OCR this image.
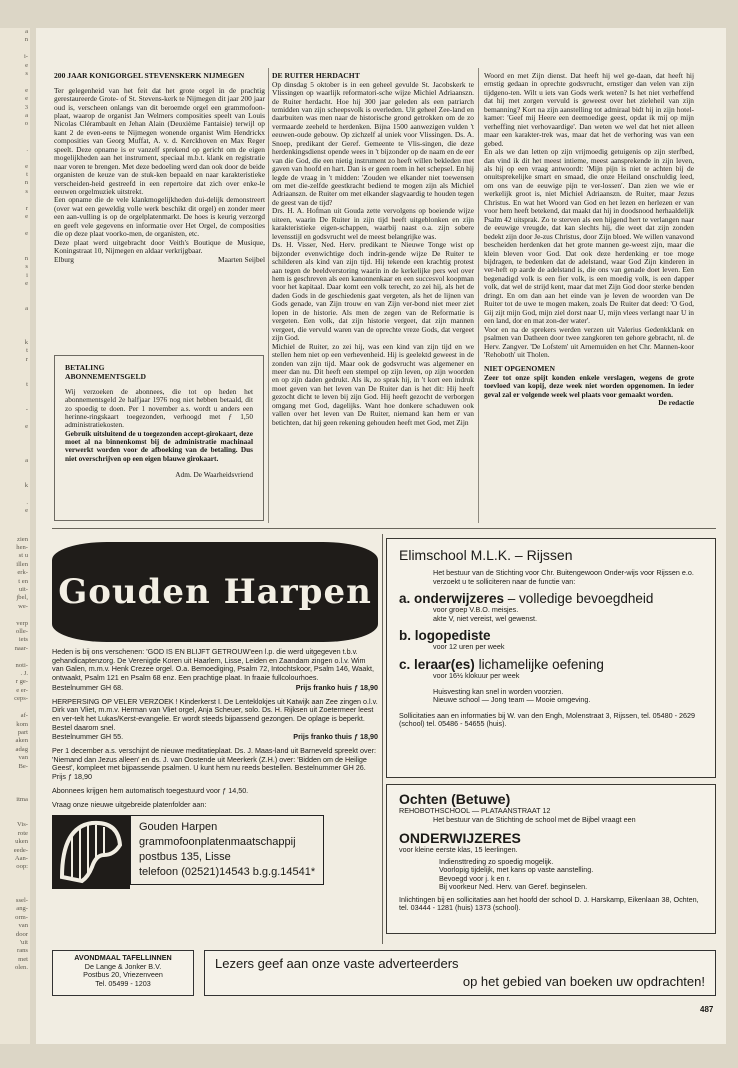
a
n

i-
e
s

e
e
3
a
o

.

e
t
n
s

r
e

e

n
s
i
e

a

k
t
r

t

-

e

a

k

.
e
zien
hen-
st u
illen
erk-
t en
uit-
jbel,
we-

verp
olle-
iets
naar-

noti-
. J.
r ge-
e er-
ceps-

af-
kom
part
aken
adag
van
Be-

itma

Vis-
rote
uken
eede-
Aan-
oop:

ssel-
ang-
orm-
van
door
'uit
rans
met
olen.

200 JAAR KONIGORGEL STEVENSKERK NIJMEGEN

Ter gelegenheid van het feit dat het grote orgel in de prachtig gerestaureerde Grote- of St. Stevens-kerk te Nijmegen dit jaar 200 jaar oud is, verscheen onlangs van dit beroemde orgel een grammofoon-plaat, waarop de organist Jan Welmers composities speelt van Louis Nicolas Clérambault en Jehan Alain (Deuxième Fantaisie) terwijl op kant 2 de even-eens te Nijmegen wonende organist Wim Hendrickx composities van Georg Muffat, A. v. d. Kerckhoven en Max Reger speelt. Deze opname is er vanzelf sprekend op gericht om de eigen mogelijkheden aan het instrument, speciaal m.b.t. klank en registratie naar voren te brengen. Met deze bedoeling werd dan ook door de beide organisten de keuze van de stuk-ken bepaald en naar karakteristieke verscheiden-heid gestreefd in een repertoire dat zich over enke-le eeuwen orgelmuziek uitstrekt.

Een opname die de vele klankmogelijkheden dui-delijk demonstreert (over wat een geweldig volle werk beschikt dit orgel) en zonder meer een aan-vulling is op de orgelplatenmarkt. De hoes is keurig verzorgd en geeft vele gegevens en informatie over Het Orgel, de composities die op deze plaat voorko-men, de organisten, etc.

Deze plaat werd uitgebracht door Veith's Boutique de Musique, Koningstraat 10, Nijmegen en aldaar verkrijgbaar.

Elburg	Maarten Seijbel

BETALING

ABONNEMENTSGELD

Wij verzoeken de abonnees, die tot op heden het abonnementsgeld 2e halfjaar 1976 nog niet hebben betaald, dit zo spoedig te doen. Per 1 november a.s. wordt u anders een herinne-ringskaart toegezonden, verhoogd met ƒ 1,50 administratiekosten.

Gebruik uitsluitend de u toegezonden accept-girokaart, deze moet al na binnenkomst bij de administratie machinaal verwerkt worden voor de afboeking van de betaling. Dus niet overschrijven op een eigen blauwe girokaart.

Adm. De Waarheidsvriend

DE RUITER HERDACHT

Op dinsdag 5 oktober is in een geheel gevulde St. Jacobskerk te Vlissingen op waarlijk reformatori-sche wijze Michiel Adriaanszn. de Ruiter herdacht. Hoe hij 300 jaar geleden als een patriarch temidden van zijn scheepsvolk is overleden. Uit geheel Zee-land en daarbuiten was men naar de historische grond getrokken om de zo vermaarde zeeheld te herdenken. Bijna 1500 aanwezigen vulden 't eeuwen-oude gebouw. Op zichzelf al uniek voor Vlissingen. Ds. A. Snoep, predikant der Geref. Gemeente te Vlis-singen, die deze herdenkingsdienst opende wees in 't bijzonder op de naam en de eer van die God, die een nietig instrument zo heeft willen bekleden met gaven van hoofd en hart. Dan is er geen roem in het schepsel. En hij legde de vraag in 't midden: 'Zouden we elkander niet toewensen om met die-zelfde geestkracht bediend te mogen zijn als Michiel Adriaanszn. de Ruiter om met elkander slagvaardig te houden tegen de geest van de tijd?

Drs. H. A. Hofman uit Gouda zette vervolgens op boeiende wijze uiteen, waarin De Ruiter in zijn tijd heeft uitgeblonken en zijn karakteristieke eigen-schappen, waarbij naast o.a. zijn sobere levensstijl en godsvrucht wel de meest belangrijke was.

Ds. H. Visser, Ned. Herv. predikant te Nieuwe Tonge wist op bijzonder evenwichtige doch indrin-gende wijze De Ruiter te schilderen als kind van zijn tijd. Hij tekende een krachtig protest aan tegen de beeldverstoring waarin in de kerkelijke pers wel over hem is geschreven als een kanonnenkaar en een succesvol koopman voor het kapitaal. Daar komt een volk terecht, zo zei hij, als het de daden Gods in de geschiedenis gaat vergeten, als het de lijnen van Gods genade, van Zijn trouw en van Zijn ver-bond niet meer ziet lopen in de historie. Als men de zegen van de Reformatie is vergeten. Een volk, dat zijn historie vergeet, dat zijn mannen vergeet, die vervuld waren van de oprechte vreze Gods, dat vergeet zijn God.

Michiel de Ruiter, zo zei hij, was een kind van zijn tijd en we stellen hem niet op een verhevenheid. Hij is geelektd geweest in de zonden van zijn tijd. Maar ook de godsvrucht was algemener en meer dan nu. Dit heeft een stempel op zijn leven, op zijn woorden en op zijn daden gedrukt. Als ik, zo sprak hij, in 't kort een indruk moet geven van het leven van De Ruiter dan is het dit: Hij heeft gezocht dicht te leven bij zijn God. Hij heeft gezocht de verborgen omgang met God, dagelijks. Want hoe donkere schaduwen ook vallen over het leven van De Ruiter, niemand kan hem er van betichten, dat hij geen rekening gehouden heeft met God, met Zijn

Woord en met Zijn dienst. Dat heeft hij wel ge-daan, dat heeft hij ernstig gedaan in oprechte godsvrucht, ernstiger dan velen van zijn tijdgeno-ten. Wilt u iets van Gods werk weten? Is het niet verheffend dat hij met zorgen vervuld is geweest over het zieleheil van zijn bemanning? Kort na zijn aanstelling tot admiraal bidt hij in zijn hotel-kamer: 'Geef mij Heere een deemoedige geest, opdat ik mij op mijn verheffing niet verhovaardige'. Dan weten we wel dat het niet alleen maar een karakter-trek was, maar dat het de verhoring was van een gebed.

En als we dan letten op zijn vrijmoedig getuigenis op zijn sterfbed, dan vind ik dit het meest intieme, meest aansprekende in zijn leven, als hij op een vraag antwoordt: 'Mijn pijn is niet te achten bij de onuitsprekelijke smart en smaad, die onze Heiland onschuldig leed, om ons van de eeuwige pijn te ver-lossen'. Dan zien we wie er werkelijk groot is, niet Michiel Adriaanszn. de Ruiter, maar Jezus Christus. En wat het Woord van God en het lezen en herlezen er van voor hem heeft betekend, dat maakt dat hij in doodsnood herhaaldelijk Psalm 42 uitsprak. Zo te sterven als een hijgend hert te verlangen naar de eeuwige vreugde, dat kan slechts hij, die weet dat zijn zonden bedekt zijn door Je-zus Christus, door Zijn bloed. We willen vanavond bescheiden herdenken dat het grote mannen ge-weest zijn, maar die klein bleven voor God. Dat ook deze herdenking er toe moge bijdragen, te bedenken dat de adelstand, waar God Zijn kinderen in ver-heft op aarde de adelstand is, die ons van genade doet leven. Een begenadigd volk is een fier volk, is een moedig volk, is een dapper volk, dat wel de strijd kent, maar dat met Zijn God door sterke benden dringt. En om dan aan het einde van je leven de woorden van De Ruiter tot de uwe te mogen maken, zoals De Ruiter dat deed: 'O God, Gij zijt mijn God, mijn ziel dorst naar U, mijn vlees verlangt naar U in een land, dor en mat zon-der water'.

Voor en na de sprekers werden verzen uit Valerius Gedenkklank en psalmen van Datheen door twee zangkoren ten gehore gebracht, nl. de Herv. Zangver. 'De Lofstem' uit Arnemuiden en het Chr. Mannen-koor 'Rehoboth' uit Tholen.

NIET OPGENOMEN

Zeer tot onze spijt konden enkele verslagen, wegens de grote toevloed van kopij, deze week niet worden opgenomen. In ieder geval zal er volgende week wel plaats voor gemaakt worden.

De redactie

Gouden Harpen

Heden is bij ons verschenen: 'GOD IS EN BLIJFT GETROUW'een l.p. die werd uitgegeven t.b.v. gehandicaptenzorg. De Verenigde Koren uit Haarlem, Lisse, Leiden en Zaandam zingen o.l.v. Wim van Galen, m.m.v. Henk Crezee orgel. O.a. Bemoediging, Psalm 72, Intochtskoor, Psalm 146, Waakt, ontwaakt, Psalm 121 en Psalm 68 enz. Een prachtige plaat. In fraaie fullcolourhoes.

Bestelnummer GH 68.	Prijs franko huis ƒ 18,90

HERPERSING OP VELER VERZOEK ! Kinderkerst I. De Lenteklokjes uit Katwijk aan Zee zingen o.l.v. Dirk van Vliet, m.m.v. Herman van Vliet orgel, Anja Scheuer, solo. Ds. H. Rijksen uit Zoetermeer leest en ver-telt het Lukas/Kerst-evangelie. Er wordt steeds bijpassend gezongen. De oplage is beperkt. Bestel daarom snel.

Bestelnummer GH 55.	Prijs franko thuis ƒ 18,90

Per 1 december a.s. verschijnt de nieuwe meditatieplaat. Ds. J. Maas-land uit Barneveld spreekt over: 'Niemand dan Jezus alleen' en ds. J. van Oostende uit Meerkerk (Z.H.) over: 'Bidden om de Heilige Geest', kompleet met bijpassende psalmen. U kunt hem nu reeds bestellen. Bestelnummer GH 26. Prijs ƒ 18,90

Abonnees krijgen hem automatisch toegestuurd voor ƒ 14,50.

Vraag onze nieuwe uitgebreide platenfolder aan:

Gouden Harpen
grammofoonplatenmaatschappij
postbus 135, Lisse
telefoon (02521)14543 b.g.g.14541*
Elimschool M.L.K. – Rijssen
Het bestuur van de Stichting voor Chr. Buitengewoon Onder-wijs voor Rijssen e.o. verzoekt u te solliciteren naar de functie van:
a. onderwijzeres – volledige bevoegdheid
voor groep V.B.O. meisjes.
akte V, niet vereist, wel gewenst.
b. logopediste
voor 12 uren per week
c. leraar(es) lichamelijke oefening
voor 16½ klokuur per week
Huisvesting kan snel in worden voorzien.
Nieuwe school — Jong team — Mooie omgeving.
Sollicitaties aan en informaties bij W. van den Engh, Molenstraat 3, Rijssen, tel. 05480 - 2629 (school) tel. 05486 - 54655 (huis).
Ochten (Betuwe)
REHOBOTHSCHOOL — PLATAANSTRAAT 12
Het bestuur van de Stichting de school met de Bijbel vraagt een
ONDERWIJZERES
voor kleine eerste klas, 15 leerlingen.
Indiensttreding zo spoedig mogelijk.
Voorlopig tijdelijk, met kans op vaste aanstelling.
Bevoegd voor j. k en r.
Bij voorkeur Ned. Herv. van Geref. beginselen.
Inlichtingen bij en sollicitaties aan het hoofd der school D. J. Harskamp, Eikenlaan 38, Ochten, tel. 03444 - 1281 (huis) 1373 (school).
AVONDMAAL TAFELLINNEN
De Lange & Jonker B.V.
Postbus 20, Vriezenveen
Tel. 05499 - 1203
Lezers geef aan onze vaste adverteerders
op het gebied van boeken uw opdrachten!
487
